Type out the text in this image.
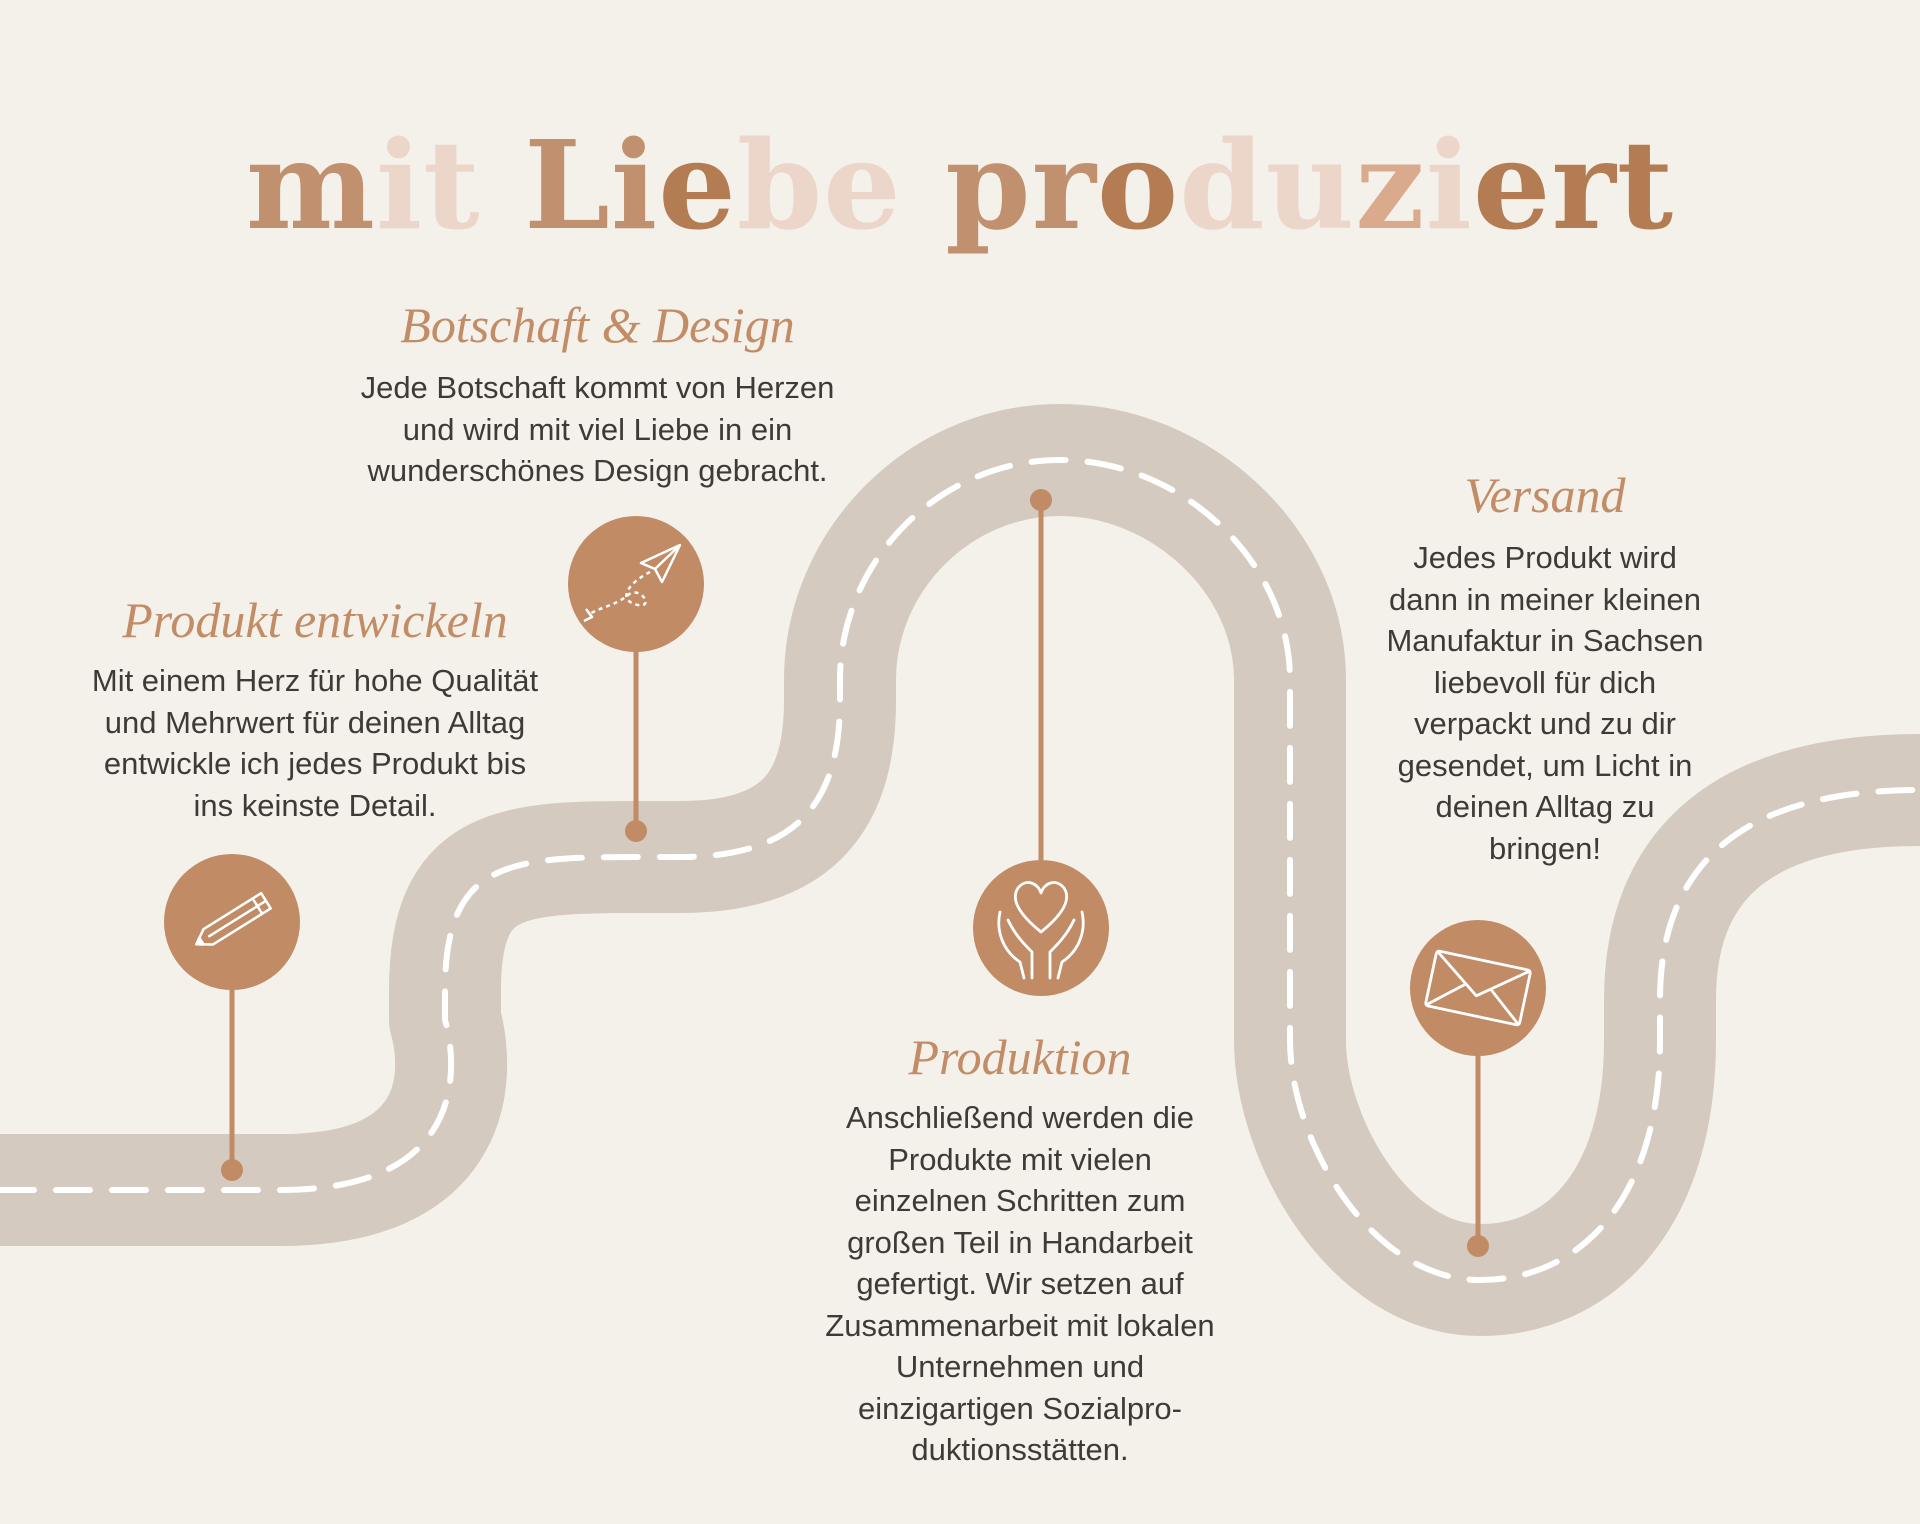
mit Liebe produziert
Produkt entwickeln
Mit einem Herz für hohe Qualität
und Mehrwert für deinen Alltag
entwickle ich jedes Produkt bis
ins keinste Detail.
Botschaft & Design
Jede Botschaft kommt von Herzen
und wird mit viel Liebe in ein
wunderschönes Design gebracht.
Produktion
Anschließend werden die
Produkte mit vielen
einzelnen Schritten zum
großen Teil in Handarbeit
gefertigt. Wir setzen auf
Zusammenarbeit mit lokalen
Unternehmen und
einzigartigen Sozialpro-
duktionsstätten.
Versand
Jedes Produkt wird
dann in meiner kleinen
Manufaktur in Sachsen
liebevoll für dich
verpackt und zu dir
gesendet, um Licht in
deinen Alltag zu
bringen!
